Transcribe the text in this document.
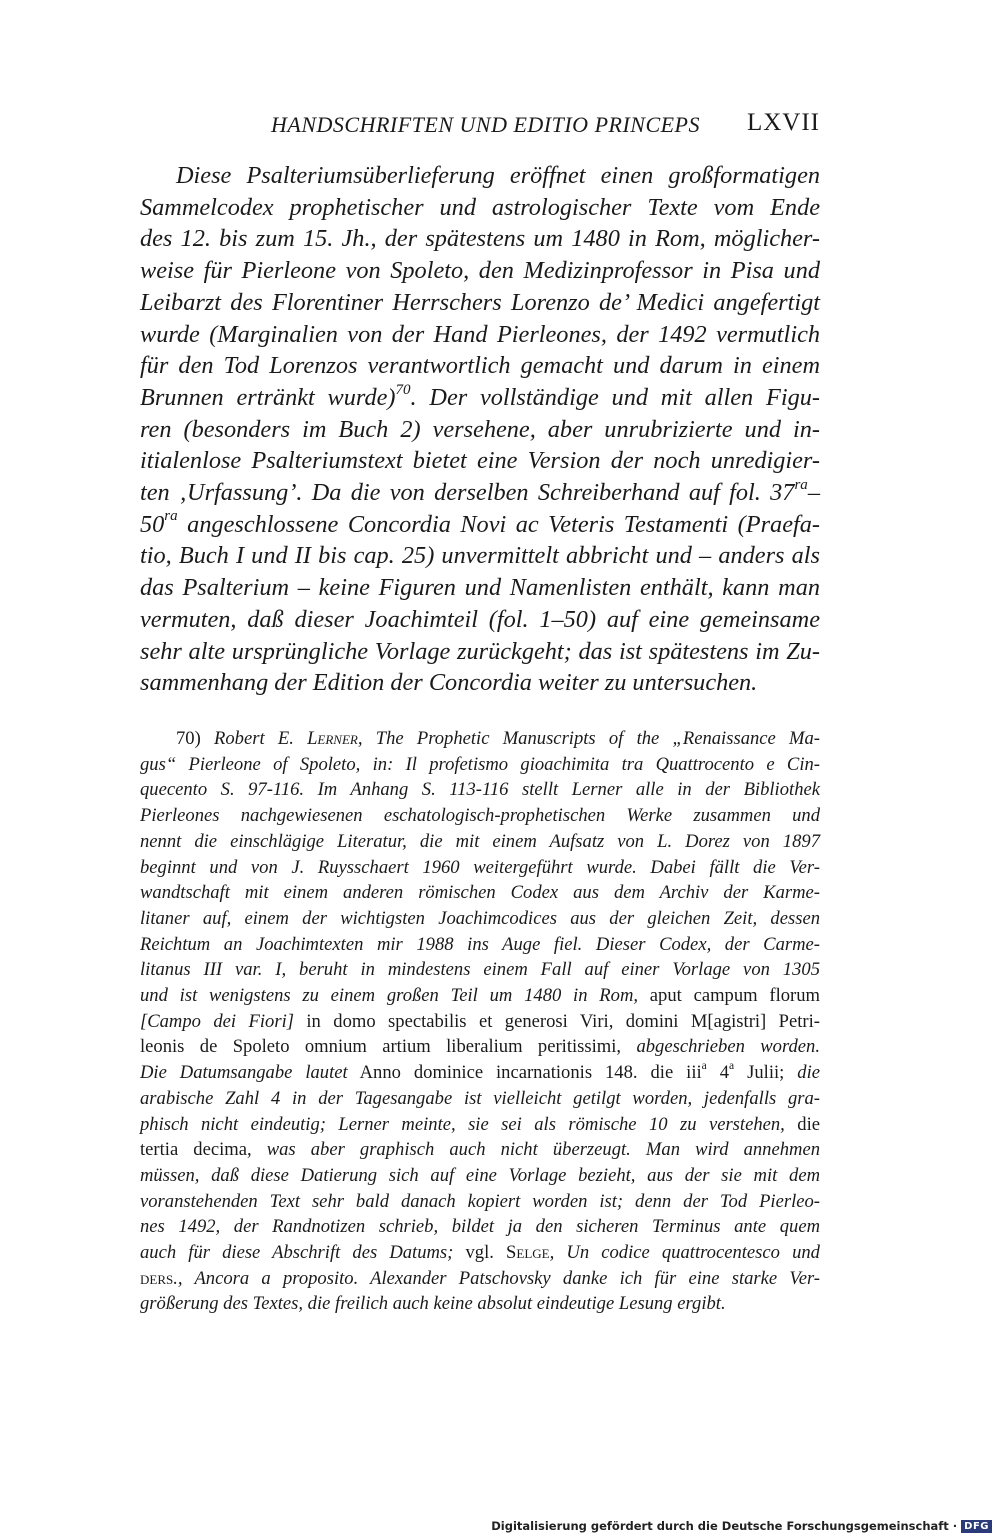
HANDSCHRIFTEN UND EDITIO PRINCEPS LXVII
Diese Psalteriumsüberlieferung eröffnet einen großformatigen
Sammelcodex prophetischer und astrologischer Texte vom Ende
des 12. bis zum 15. Jh., der spätestens um 1480 in Rom, möglicher-
weise für Pierleone von Spoleto, den Medizinprofessor in Pisa und
Leibarzt des Florentiner Herrschers Lorenzo de’ Medici angefertigt
wurde (Marginalien von der Hand Pierleones, der 1492 vermutlich
für den Tod Lorenzos verantwortlich gemacht und darum in einem
Brunnen ertränkt wurde)$^{70}$. Der vollständige und mit allen Figu-
ren (besonders im Buch 2) versehene, aber unrubrizierte und in-
itialenlose Psalteriumstext bietet eine Version der noch unredigier-
ten ‚Urfassung’. Da die von derselben Schreiberhand auf fol. $37^{ra}-$
$50^{ra}$ angeschlossene Concordia Novi ac Veteris Testamenti (Praefa-
tio, Buch I und II bis cap. 25) unvermittelt abbricht und – anders als
das Psalterium – keine Figuren und Namenlisten enthält, kann man
vermuten, daß dieser Joachimteil (fol. 1–50) auf eine gemeinsame
sehr alte ursprüngliche Vorlage zurückgeht; das ist spätestens im Zu-
sammenhang der Edition der Concordia weiter zu untersuchen.
70) Robert E. Lerner, The Prophetic Manuscripts of the „Renaissance Ma-
gus“ Pierleone of Spoleto, in: Il profetismo gioachimita tra Quattrocento e Cin-
quecento S. 97-116. Im Anhang S. 113-116 stellt Lerner alle in der Bibliothek
Pierleones nachgewiesenen eschatologisch-prophetischen Werke zusammen und
nennt die einschlägige Literatur, die mit einem Aufsatz von L. Dorez von 1897
beginnt und von J. Ruysschaert 1960 weitergeführt wurde. Dabei fällt die Ver-
wandtschaft mit einem anderen römischen Codex aus dem Archiv der Karme-
litaner auf, einem der wichtigsten Joachimcodices aus der gleichen Zeit, dessen
Reichtum an Joachimtexten mir 1988 ins Auge fiel. Dieser Codex, der Carme-
litanus III var. I, beruht in mindestens einem Fall auf einer Vorlage von 1305
und ist wenigstens zu einem großen Teil um 1480 in Rom, aput campum florum
[Campo dei Fiori] in domo spectabilis et generosi Viri, domini M[agistri] Petri-
leonis de Spoleto omnium artium liberalium peritissimi, abgeschrieben worden.
Die Datumsangabe lautet Anno dominice incarnationis 148. die iii$^a$ 4$^a$ Julii; die
arabische Zahl 4 in der Tagesangabe ist vielleicht getilgt worden, jedenfalls gra-
phisch nicht eindeutig; Lerner meinte, sie sei als römische 10 zu verstehen, die
tertia decima, was aber graphisch auch nicht überzeugt. Man wird annehmen
müssen, daß diese Datierung sich auf eine Vorlage bezieht, aus der sie mit dem
voranstehenden Text sehr bald danach kopiert worden ist; denn der Tod Pierleo-
nes 1492, der Randnotizen schrieb, bildet ja den sicheren Terminus ante quem
auch für diese Abschrift des Datums; vgl. Selge, Un codice quattrocentesco und
ders., Ancora a proposito. Alexander Patschovsky danke ich für eine starke Ver-
größerung des Textes, die freilich auch keine absolut eindeutige Lesung ergibt.
Digitalisierung gefördert durch die Deutsche Forschungsgemeinschaft · DFG
